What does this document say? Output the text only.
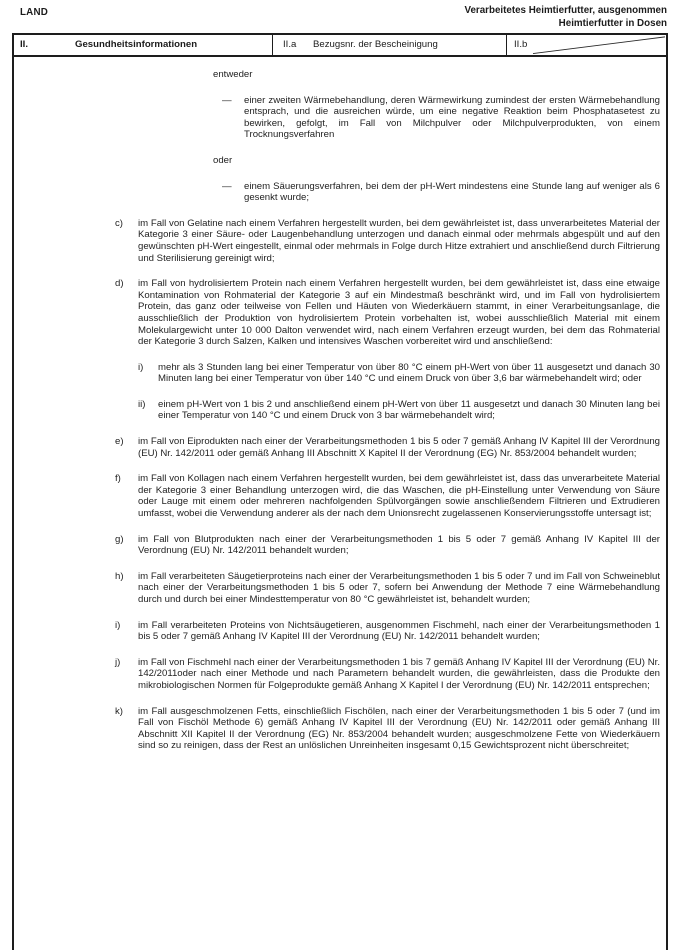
LAND	Verarbeitetes Heimtierfutter, ausgenommen
Heimtierfutter in Dosen
II.	Gesundheitsinformationen	II.a Bezugsnr. der Bescheinigung	II.b
entweder
— einer zweiten Wärmebehandlung, deren Wärmewirkung zumindest der ersten Wärmebehandlung entsprach, und die ausreichen würde, um eine negative Reaktion beim Phosphatasetest zu bewirken, gefolgt, im Fall von Milchpulver oder Milchpulverprodukten, von einem Trocknungsverfahren
oder
— einem Säuerungsverfahren, bei dem der pH-Wert mindestens eine Stunde lang auf weniger als 6 gesenkt wurde;
c) im Fall von Gelatine nach einem Verfahren hergestellt wurden, bei dem gewährleistet ist, dass unverarbeitetes Material der Kategorie 3 einer Säure- oder Laugenbehandlung unterzogen und danach einmal oder mehrmals abgespült und auf den gewünschten pH-Wert eingestellt, einmal oder mehrmals in Folge durch Hitze extrahiert und anschließend durch Filtrierung und Sterilisierung gereinigt wird;
d) im Fall von hydrolisiertem Protein nach einem Verfahren hergestellt wurden, bei dem gewährleistet ist, dass eine etwaige Kontamination von Rohmaterial der Kategorie 3 auf ein Mindestmaß beschränkt wird, und im Fall von hydrolisiertem Protein, das ganz oder teilweise von Fellen und Häuten von Wiederkäuern stammt, in einer Verarbeitungsanlage, die ausschließlich der Produktion von hydrolisiertem Protein vorbehalten ist, wobei ausschließlich Material mit einem Molekulargewicht unter 10 000 Dalton verwendet wird, nach einem Verfahren erzeugt wurden, bei dem das Rohmaterial der Kategorie 3 durch Salzen, Kalken und intensives Waschen vorbereitet wird und anschließend:
i) mehr als 3 Stunden lang bei einer Temperatur von über 80 °C einem pH-Wert von über 11 ausgesetzt und danach 30 Minuten lang bei einer Temperatur von über 140 °C und einem Druck von über 3,6 bar wärmebehandelt wird; oder
ii) einem pH-Wert von 1 bis 2 und anschließend einem pH-Wert von über 11 ausgesetzt und danach 30 Minuten lang bei einer Temperatur von 140 °C und einem Druck von 3 bar wärmebehandelt wird;
e) im Fall von Eiprodukten nach einer der Verarbeitungsmethoden 1 bis 5 oder 7 gemäß Anhang IV Kapitel III der Verordnung (EU) Nr. 142/2011 oder gemäß Anhang III Abschnitt X Kapitel II der Verordnung (EG) Nr. 853/2004 behandelt wurden;
f) im Fall von Kollagen nach einem Verfahren hergestellt wurden, bei dem gewährleistet ist, dass das unverarbeitete Material der Kategorie 3 einer Behandlung unterzogen wird, die das Waschen, die pH-Einstellung unter Verwendung von Säure oder Lauge mit einem oder mehreren nachfolgenden Spülvorgängen sowie anschließendem Filtrieren und Extrudieren umfasst, wobei die Verwendung anderer als der nach dem Unionsrecht zugelassenen Konservierungsstoffe untersagt ist;
g) im Fall von Blutprodukten nach einer der Verarbeitungsmethoden 1 bis 5 oder 7 gemäß Anhang IV Kapitel III der Verordnung (EU) Nr. 142/2011 behandelt wurden;
h) im Fall verarbeiteten Säugetierproteins nach einer der Verarbeitungsmethoden 1 bis 5 oder 7 und im Fall von Schweineblut nach einer der Verarbeitungsmethoden 1 bis 5 oder 7, sofern bei Anwendung der Methode 7 eine Wärmebehandlung durch und durch bei einer Mindesttemperatur von 80 °C gewährleistet ist, behandelt wurden;
i) im Fall verarbeiteten Proteins von Nichtsäugetieren, ausgenommen Fischmehl, nach einer der Verarbeitungsmethoden 1 bis 5 oder 7 gemäß Anhang IV Kapitel III der Verordnung (EU) Nr. 142/2011 behandelt wurden;
j) im Fall von Fischmehl nach einer der Verarbeitungsmethoden 1 bis 7 gemäß Anhang IV Kapitel III der Verordnung (EU) Nr. 142/2011oder nach einer Methode und nach Parametern behandelt wurden, die gewährleisten, dass die Produkte den mikrobiologischen Normen für Folgeprodukte gemäß Anhang X Kapitel I der Verordnung (EU) Nr. 142/2011 entsprechen;
k) im Fall ausgeschmolzenen Fetts, einschließlich Fischölen, nach einer der Verarbeitungsmethoden 1 bis 5 oder 7 (und im Fall von Fischöl Methode 6) gemäß Anhang IV Kapitel III der Verordnung (EU) Nr. 142/2011 oder gemäß Anhang III Abschnitt XII Kapitel II der Verordnung (EG) Nr. 853/2004 behandelt wurden; ausgeschmolzene Fette von Wiederkäuern sind so zu reinigen, dass der Rest an unlöslichen Unreinheiten insgesamt 0,15 Gewichtsprozent nicht überschreitet;
